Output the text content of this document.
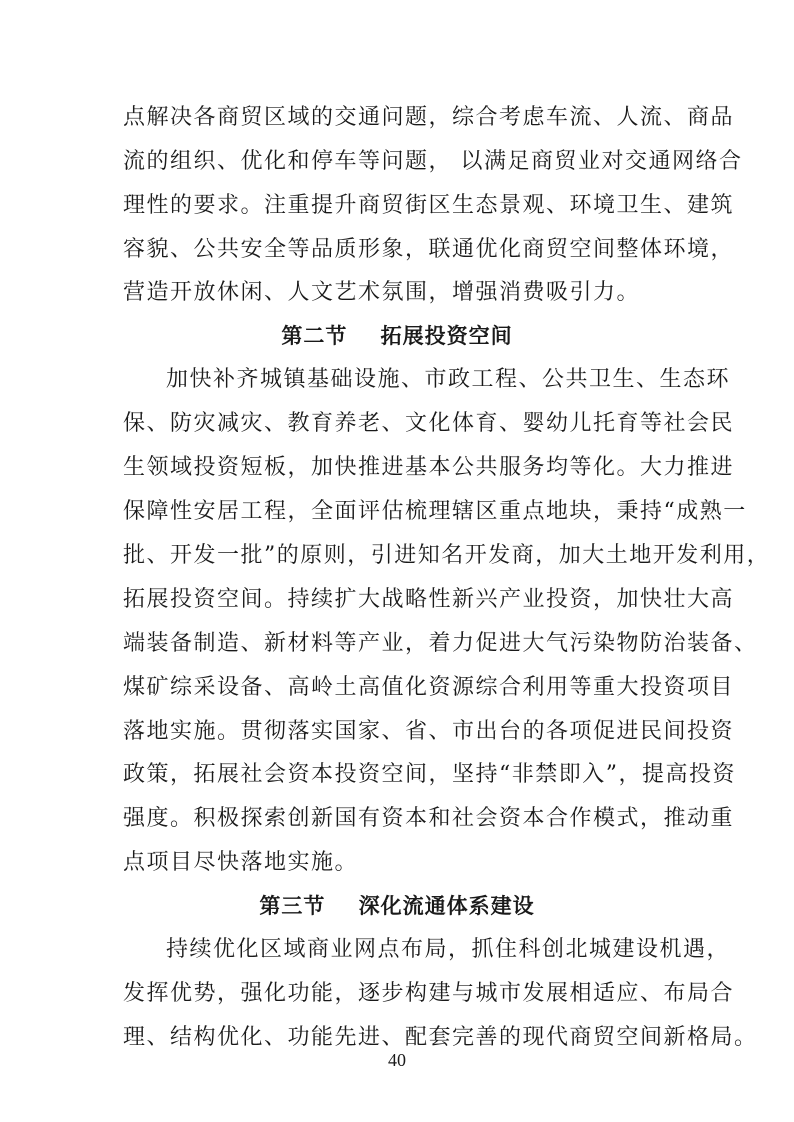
点解决各商贸区域的交通问题，综合考虑车流、人流、商品
流的组织、优化和停车等问题， 以满足商贸业对交通网络合
理性的要求。注重提升商贸街区生态景观、环境卫生、建筑
容貌、公共安全等品质形象，联通优化商贸空间整体环境，
营造开放休闲、人文艺术氛围，增强消费吸引力。
第二节    拓展投资空间
加快补齐城镇基础设施、市政工程、公共卫生、生态环
保、防灾减灾、教育养老、文化体育、婴幼儿托育等社会民
生领域投资短板，加快推进基本公共服务均等化。大力推进
保障性安居工程，全面评估梳理辖区重点地块，秉持“成熟一
批、开发一批”的原则，引进知名开发商，加大土地开发利用，
拓展投资空间。持续扩大战略性新兴产业投资，加快壮大高
端装备制造、新材料等产业，着力促进大气污染物防治装备、
煤矿综采设备、高岭土高值化资源综合利用等重大投资项目
落地实施。贯彻落实国家、省、市出台的各项促进民间投资
政策，拓展社会资本投资空间，坚持“非禁即入”，提高投资
强度。积极探索创新国有资本和社会资本合作模式，推动重
点项目尽快落地实施。
第三节    深化流通体系建设
持续优化区域商业网点布局，抓住科创北城建设机遇，
发挥优势，强化功能，逐步构建与城市发展相适应、布局合
理、结构优化、功能先进、配套完善的现代商贸空间新格局。
40
